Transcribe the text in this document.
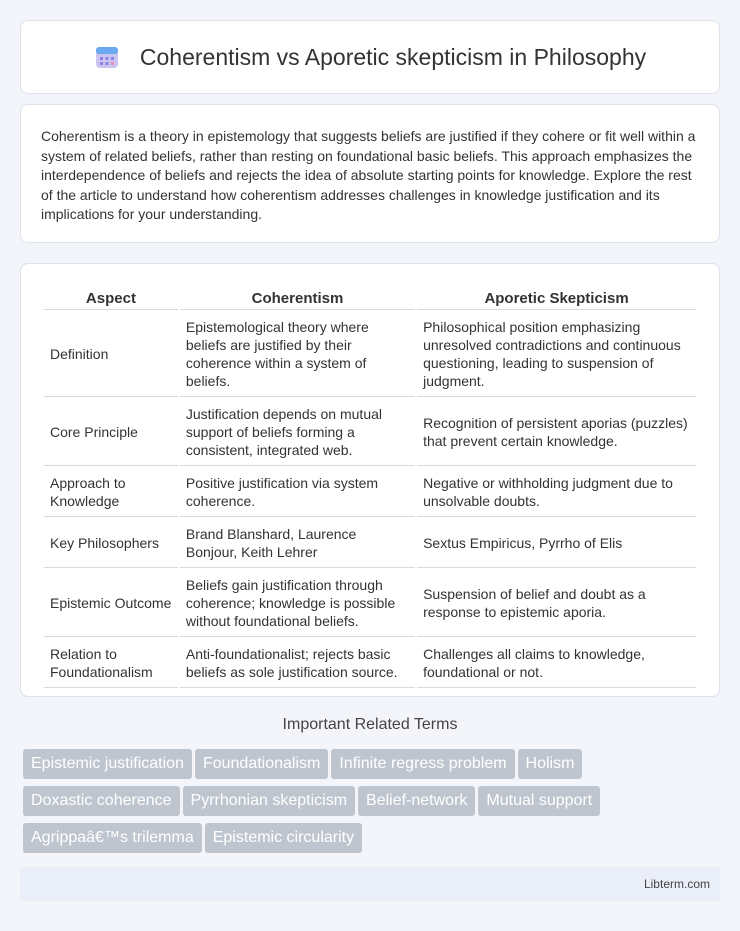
Coherentism vs Aporetic skepticism in Philosophy

Coherentism is a theory in epistemology that suggests beliefs are justified if they cohere or fit well within a system of related beliefs, rather than resting on foundational basic beliefs. This approach emphasizes the interdependence of beliefs and rejects the idea of absolute starting points for knowledge. Explore the rest of the article to understand how coherentism addresses challenges in knowledge justification and its implications for your understanding.

Aspect	Coherentism	Aporetic Skepticism
Definition	Epistemological theory where beliefs are justified by their coherence within a system of beliefs.	Philosophical position emphasizing unresolved contradictions and continuous questioning, leading to suspension of judgment.
Core Principle	Justification depends on mutual support of beliefs forming a consistent, integrated web.	Recognition of persistent aporias (puzzles) that prevent certain knowledge.
Approach to Knowledge	Positive justification via system coherence.	Negative or withholding judgment due to unsolvable doubts.
Key Philosophers	Brand Blanshard, Laurence Bonjour, Keith Lehrer	Sextus Empiricus, Pyrrho of Elis
Epistemic Outcome	Beliefs gain justification through coherence; knowledge is possible without foundational beliefs.	Suspension of belief and doubt as a response to epistemic aporia.
Relation to Foundationalism	Anti-foundationalist; rejects basic beliefs as sole justification source.	Challenges all claims to knowledge, foundational or not.
Important Related Terms
Epistemic justification Foundationalism Infinite regress problem Holism
Doxastic coherence Pyrrhonian skepticism Belief-network Mutual support
Agrippaâ€™s trilemma Epistemic circularity
Libterm.com
